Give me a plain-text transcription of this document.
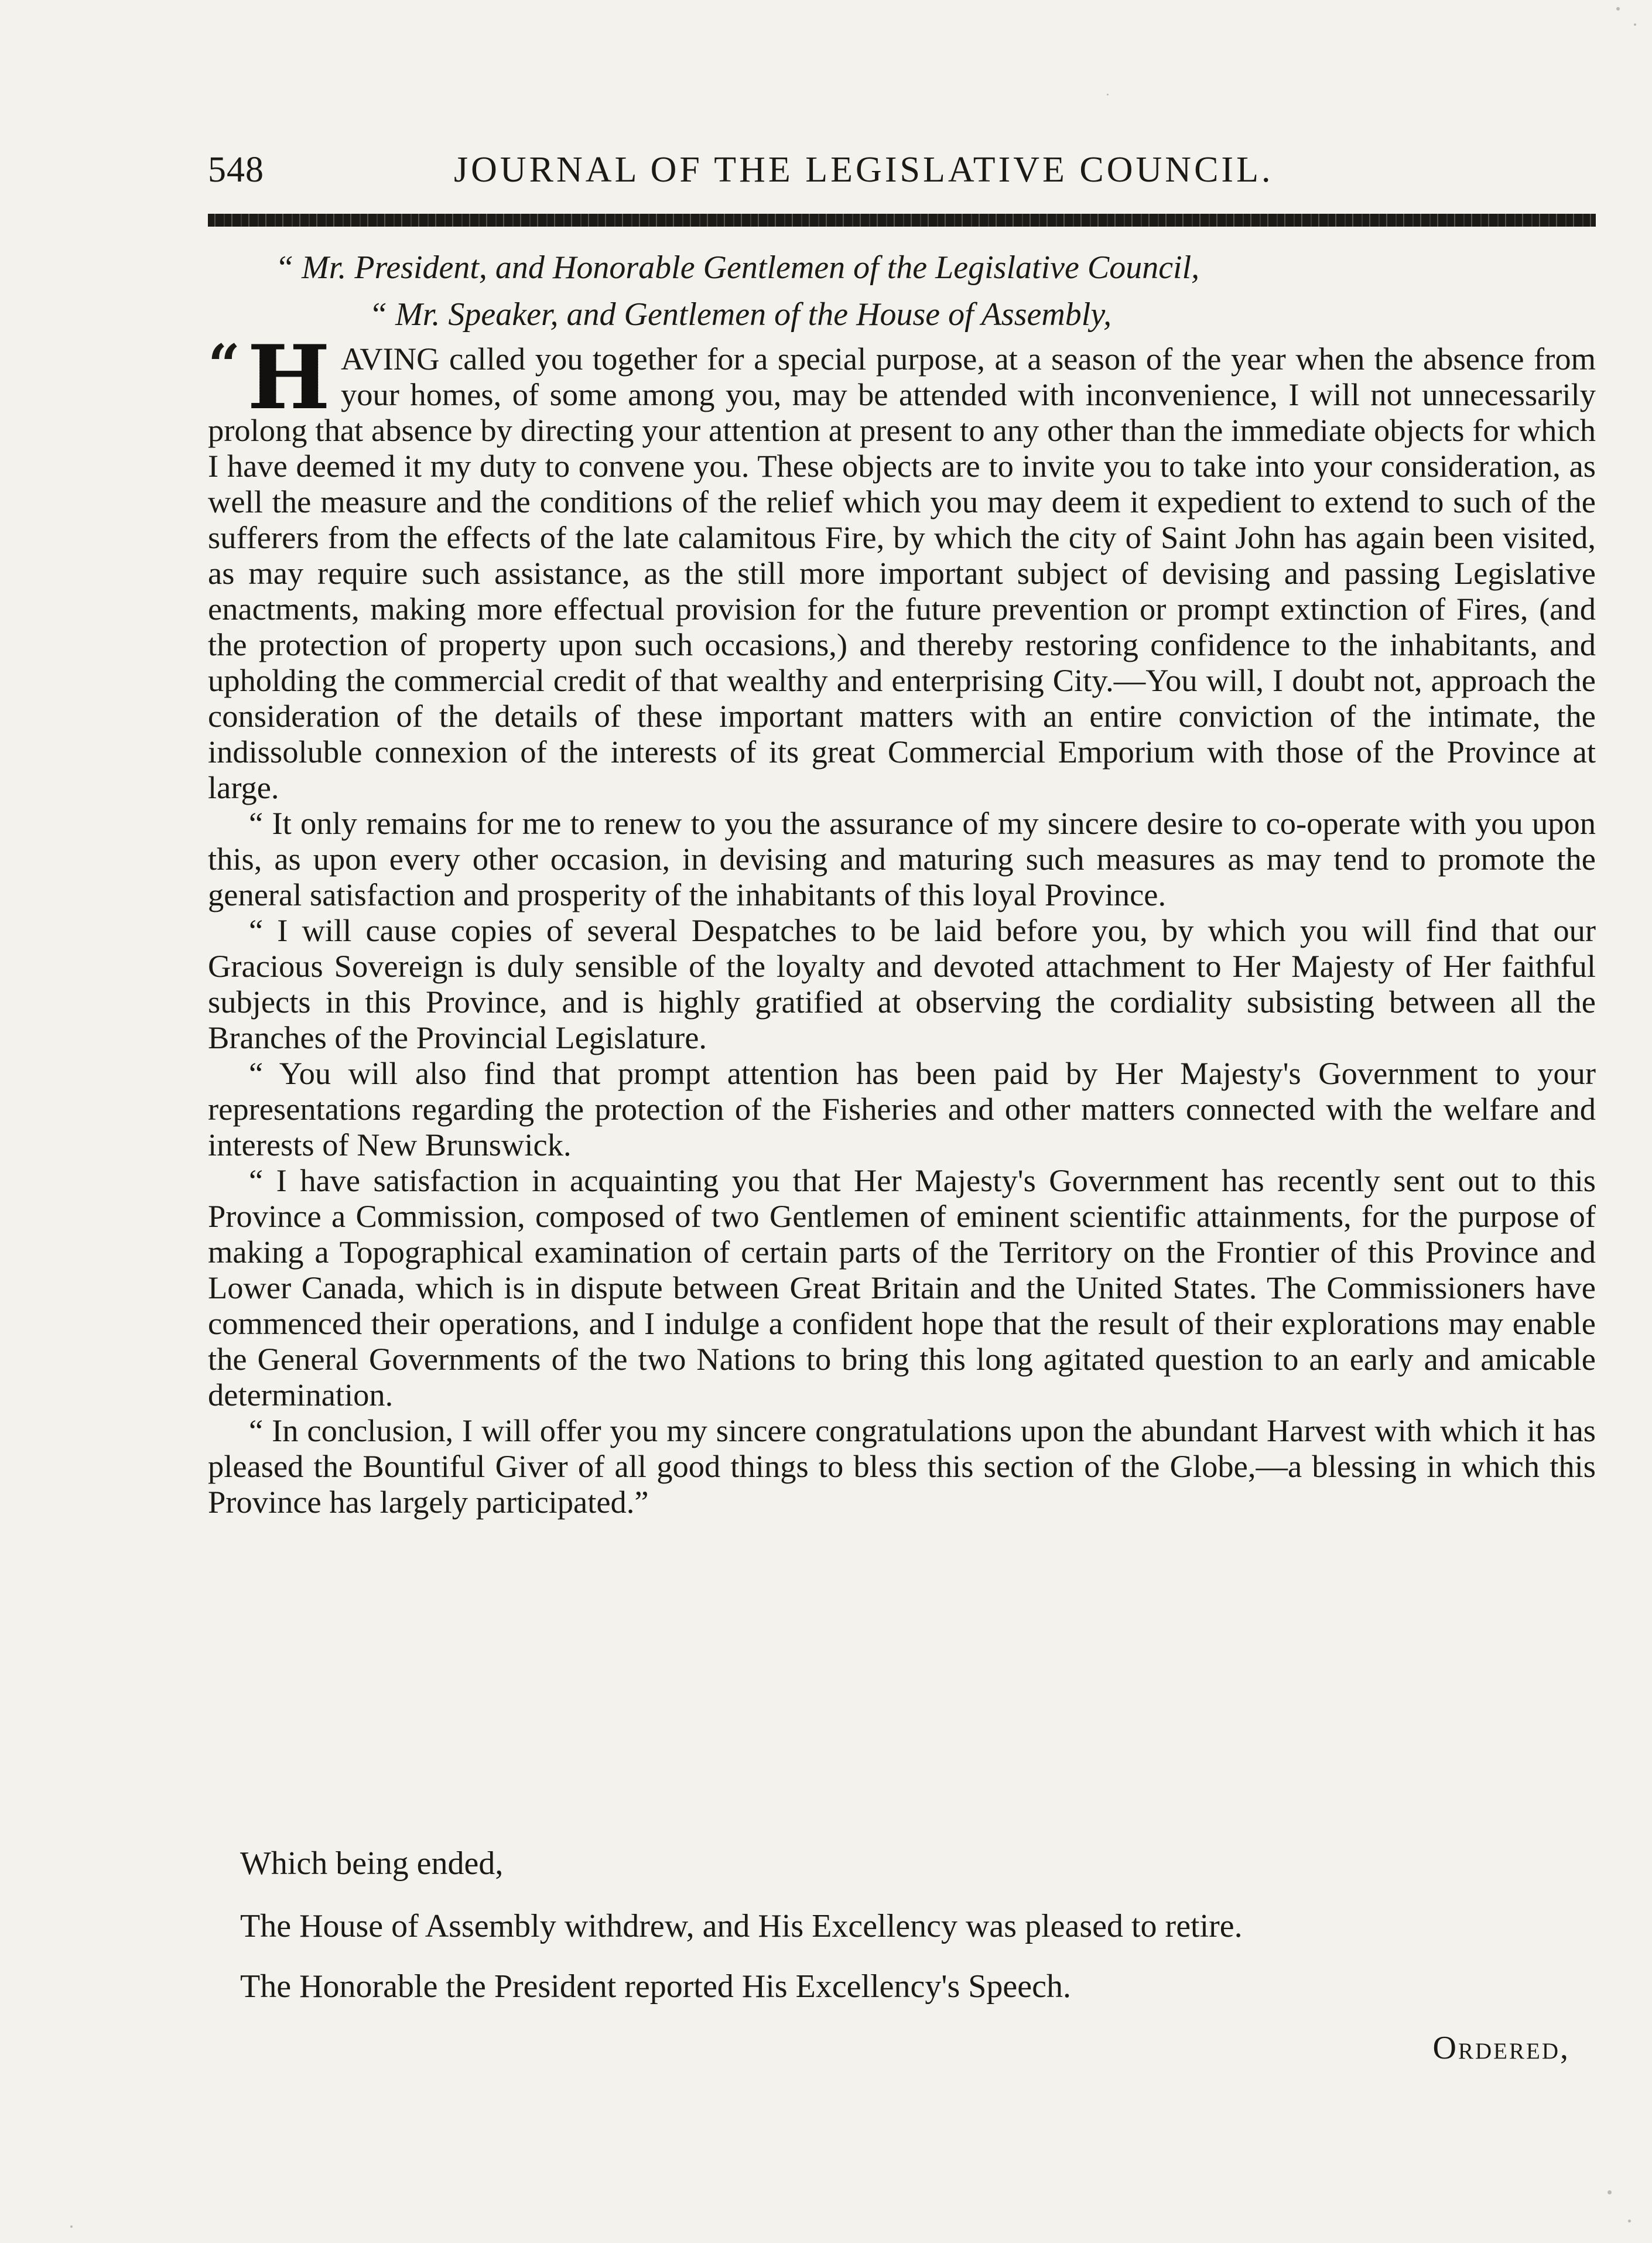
548	JOURNAL OF THE LEGISLATIVE COUNCIL.
“ Mr. President, and Honorable Gentlemen of the Legislative Council,
“ Mr. Speaker, and Gentlemen of the House of Assembly,

“ H AVING called you together for a special purpose, at a season of the year when the absence from your homes, of some among you, may be attended with inconvenience, I will not unnecessarily prolong that absence by directing your attention at present to any other than the immediate objects for which I have deemed it my duty to convene you. These objects are to invite you to take into your consideration, as well the measure and the conditions of the relief which you may deem it expedient to extend to such of the sufferers from the effects of the late calamitous Fire, by which the city of Saint John has again been visited, as may require such assistance, as the still more important subject of devising and passing Legislative enactments, making more effectual provision for the future prevention or prompt extinction of Fires, (and the protection of property upon such occasions,) and thereby restoring confidence to the inhabitants, and upholding the commercial credit of that wealthy and enterprising City.—You will, I doubt not, approach the consideration of the details of these important matters with an entire conviction of the intimate, the indissoluble connexion of the interests of its great Commercial Emporium with those of the Province at large.

“ It only remains for me to renew to you the assurance of my sincere desire to co-operate with you upon this, as upon every other occasion, in devising and maturing such measures as may tend to promote the general satisfaction and prosperity of the inhabitants of this loyal Province.

“ I will cause copies of several Despatches to be laid before you, by which you will find that our Gracious Sovereign is duly sensible of the loyalty and devoted attachment to Her Majesty of Her faithful subjects in this Province, and is highly gratified at observing the cordiality subsisting between all the Branches of the Provincial Legislature.

“ You will also find that prompt attention has been paid by Her Majesty's Government to your representations regarding the protection of the Fisheries and other matters connected with the welfare and interests of New Brunswick.

“ I have satisfaction in acquainting you that Her Majesty's Government has recently sent out to this Province a Commission, composed of two Gentlemen of eminent scientific attainments, for the purpose of making a Topographical examination of certain parts of the Territory on the Frontier of this Province and Lower Canada, which is in dispute between Great Britain and the United States. The Commissioners have commenced their operations, and I indulge a confident hope that the result of their explorations may enable the General Governments of the two Nations to bring this long agitated question to an early and amicable determination.

“ In conclusion, I will offer you my sincere congratulations upon the abundant Harvest with which it has pleased the Bountiful Giver of all good things to bless this section of the Globe,—a blessing in which this Province has largely participated.”

Which being ended,
The House of Assembly withdrew, and His Excellency was pleased to retire.
The Honorable the President reported His Excellency's Speech.
Ordered,
